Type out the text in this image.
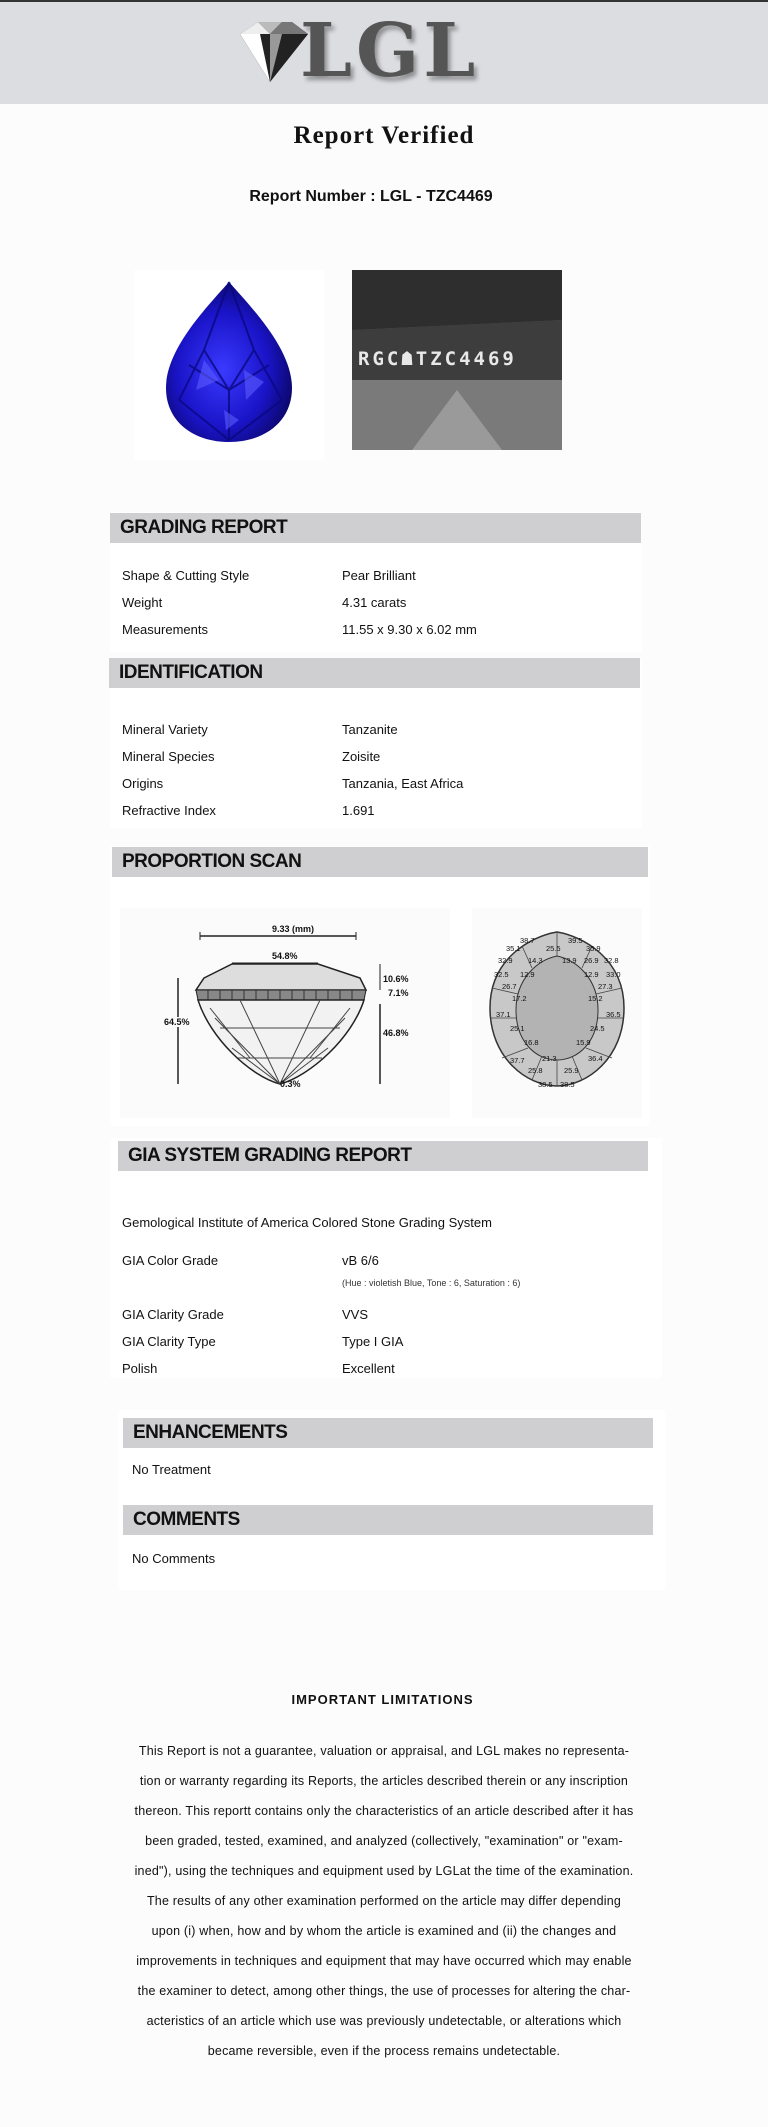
LGL
Report Verified
Report Number : LGL - TZC4469
RGC☗TZC4469
GRADING REPORT
Shape & Cutting Style	Pear Brilliant
Weight	4.31 carats
Measurements	11.55 x 9.30 x 6.02 mm
IDENTIFICATION
Mineral Variety	Tanzanite
Mineral Species	Zoisite
Origins	Tanzania, East Africa
Refractive Index	1.691
PROPORTION SCAN
9.33 (mm)
54.8%
64.5%
10.6%
7.1%
46.8%
0.3%
38.7	39.5
35.1	25.5	35.9
32.9 14.3	13.9 26.9 32.8
32.5 12.9	12.9 33.0
26.7	27.3
17.2	15.2
37.1	36.5
25.1	24.5
16.8	15.9
21.3
37.7	36.4
25.8	25.9
38.5 38.5
GIA SYSTEM GRADING REPORT
Gemological Institute of America Colored Stone Grading System
GIA Color Grade	vB 6/6
(Hue : violetish Blue, Tone : 6, Saturation : 6)
GIA Clarity Grade	VVS
GIA Clarity Type	Type I GIA
Polish	Excellent
ENHANCEMENTS
No Treatment
COMMENTS
No Comments
IMPORTANT LIMITATIONS
This Report is not a guarantee, valuation or appraisal, and LGL makes no representa-
tion or warranty regarding its Reports, the articles described therein or any inscription
thereon. This reportt contains only the characteristics of an article described after it has
been graded, tested, examined, and analyzed (collectively, "examination" or "exam-
ined"), using the techniques and equipment used by LGLat the time of the examination.
The results of any other examination performed on the article may differ depending
upon (i) when, how and by whom the article is examined and (ii) the changes and
improvements in techniques and equipment that may have occurred which may enable
the examiner to detect, among other things, the use of processes for altering the char-
acteristics of an article which use was previously undetectable, or alterations which
became reversible, even if the process remains undetectable.
